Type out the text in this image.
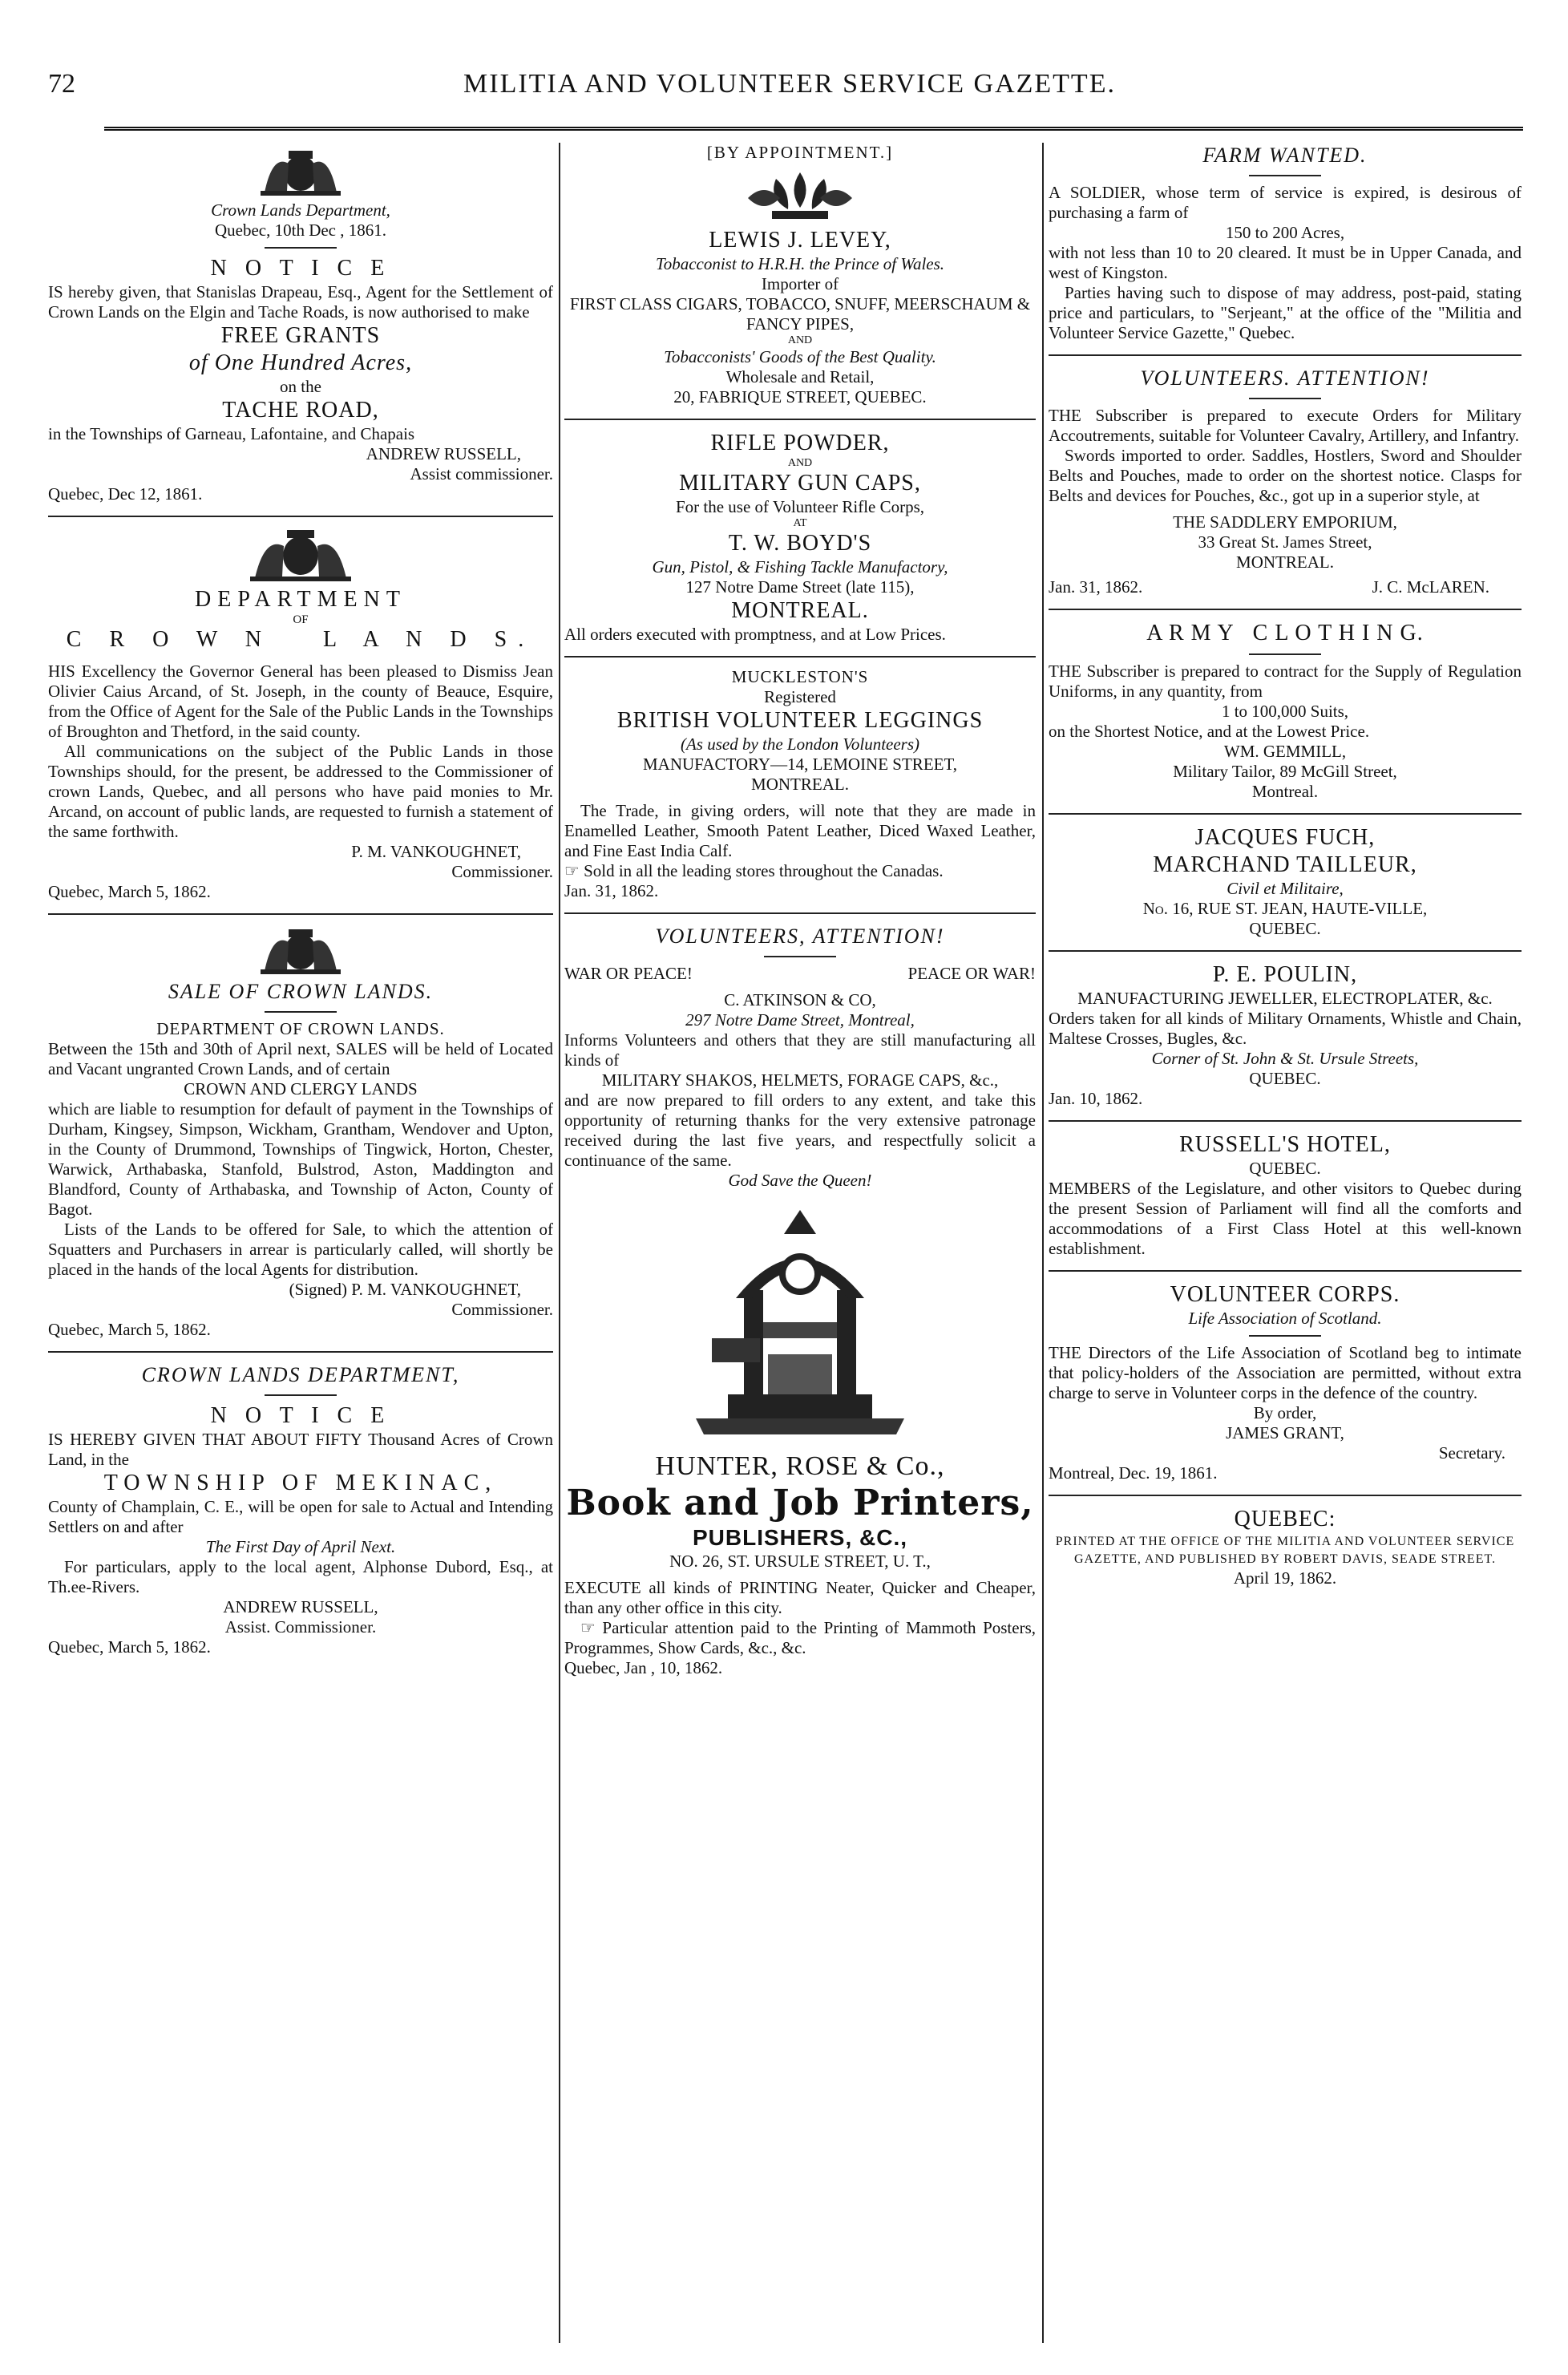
72	MILITIA AND VOLUNTEER SERVICE GAZETTE.
Crown Lands Department,
Quebec, 10th Dec , 1861.
N O T I C E
IS hereby given, that Stanislas Drapeau, Esq., Agent for the Settlement of Crown Lands on the Elgin and Tache Roads, is now authorised to make
FREE GRANTS
of One Hundred Acres,
on the
TACHE ROAD,
in the Townships of Garneau, Lafontaine, and Chapais
ANDREW RUSSELL,
Assist commissioner.
Quebec, Dec 12, 1861.
DEPARTMENT
OF
C R O W N   L A N D S.
HIS Excellency the Governor General has been pleased to Dismiss Jean Olivier Caius Arcand, of St. Joseph, in the county of Beauce, Esquire, from the Office of Agent for the Sale of the Public Lands in the Townships of Broughton and Thetford, in the said county.
All communications on the subject of the Public Lands in those Townships should, for the present, be addressed to the Commissioner of crown Lands, Quebec, and all persons who have paid monies to Mr. Arcand, on account of public lands, are requested to furnish a statement of the same forthwith.
P. M. VANKOUGHNET,
Commissioner.
Quebec, March 5, 1862.
SALE OF CROWN LANDS.
DEPARTMENT OF CROWN LANDS.
Between the 15th and 30th of April next, SALES will be held of Located and Vacant ungranted Crown Lands, and of certain
CROWN AND CLERGY LANDS
which are liable to resumption for default of payment in the Townships of Durham, Kingsey, Simpson, Wickham, Grantham, Wendover and Upton, in the County of Drummond, Townships of Tingwick, Horton, Chester, Warwick, Arthabaska, Stanfold, Bulstrod, Aston, Maddington and Blandford, County of Arthabaska, and Township of Acton, County of Bagot.
Lists of the Lands to be offered for Sale, to which the attention of Squatters and Purchasers in arrear is particularly called, will shortly be placed in the hands of the local Agents for distribution.
(Signed) P. M. VANKOUGHNET,
Commissioner.
Quebec, March 5, 1862.
CROWN LANDS DEPARTMENT,
N O T I C E
IS HEREBY GIVEN THAT ABOUT FIFTY Thousand Acres of Crown Land, in the
TOWNSHIP OF MEKINAC,
County of Champlain, C. E., will be open for sale to Actual and Intending Settlers on and after
The First Day of April Next.
For particulars, apply to the local agent, Alphonse Dubord, Esq., at Th.ee-Rivers.
ANDREW RUSSELL,
Assist. Commissioner.
Quebec, March 5, 1862.
[BY APPOINTMENT.]
LEWIS J. LEVEY,
Tobacconist to H.R.H. the Prince of Wales.
Importer of
FIRST CLASS CIGARS, TOBACCO, SNUFF, MEERSCHAUM & FANCY PIPES,
AND
Tobacconists' Goods of the Best Quality.
Wholesale and Retail,
20, FABRIQUE STREET, QUEBEC.
RIFLE POWDER,
AND
MILITARY GUN CAPS,
For the use of Volunteer Rifle Corps,
AT
T. W. BOYD'S
Gun, Pistol, & Fishing Tackle Manufactory,
127 Notre Dame Street (late 115),
MONTREAL.
All orders executed with promptness, and at Low Prices.
MUCKLESTON'S
Registered
BRITISH VOLUNTEER LEGGINGS
(As used by the London Volunteers)
MANUFACTORY—14, LEMOINE STREET,
MONTREAL.
The Trade, in giving orders, will note that they are made in Enamelled Leather, Smooth Patent Leather, Diced Waxed Leather, and Fine East India Calf.
☞ Sold in all the leading stores throughout the Canadas.
Jan. 31, 1862.
VOLUNTEERS, ATTENTION!
WAR OR PEACE!	PEACE OR WAR!
C. ATKINSON & CO,
297 Notre Dame Street, Montreal,
Informs Volunteers and others that they are still manufacturing all kinds of
MILITARY SHAKOS, HELMETS, FORAGE CAPS, &c.,
and are now prepared to fill orders to any extent, and take this opportunity of returning thanks for the very extensive patronage received during the last five years, and respectfully solicit a continuance of the same.
God Save the Queen!
HUNTER, ROSE & Co.,
Book and Job Printers,
PUBLISHERS, &C.,
NO. 26, ST. URSULE STREET, U. T.,
EXECUTE all kinds of PRINTING Neater, Quicker and Cheaper, than any other office in this city.
☞ Particular attention paid to the Printing of Mammoth Posters, Programmes, Show Cards, &c., &c.
Quebec, Jan , 10, 1862.
FARM WANTED.
A SOLDIER, whose term of service is expired, is desirous of purchasing a farm of
150 to 200 Acres,
with not less than 10 to 20 cleared. It must be in Upper Canada, and west of Kingston.
Parties having such to dispose of may address, post-paid, stating price and particulars, to "Serjeant," at the office of the "Militia and Volunteer Service Gazette," Quebec.
VOLUNTEERS. ATTENTION!
THE Subscriber is prepared to execute Orders for Military Accoutrements, suitable for Volunteer Cavalry, Artillery, and Infantry.
Swords imported to order. Saddles, Hostlers, Sword and Shoulder Belts and Pouches, made to order on the shortest notice. Clasps for Belts and devices for Pouches, &c., got up in a superior style, at
THE SADDLERY EMPORIUM,
33 Great St. James Street,
MONTREAL.
Jan. 31, 1862.	J. C. McLAREN.
A R M Y   C L O T H I N G.
THE Subscriber is prepared to contract for the Supply of Regulation Uniforms, in any quantity, from
1 to 100,000 Suits,
on the Shortest Notice, and at the Lowest Price.
WM. GEMMILL,
Military Tailor, 89 McGill Street,
Montreal.
JACQUES FUCH,
MARCHAND TAILLEUR,
Civil et Militaire,
No. 16, RUE ST. JEAN, HAUTE-VILLE,
QUEBEC.
P. E. POULIN,
MANUFACTURING JEWELLER, ELECTROPLATER, &c.
Orders taken for all kinds of Military Ornaments, Whistle and Chain, Maltese Crosses, Bugles, &c.
Corner of St. John & St. Ursule Streets,
QUEBEC.
Jan. 10, 1862.
RUSSELL'S HOTEL,
QUEBEC.
MEMBERS of the Legislature, and other visitors to Quebec during the present Session of Parliament will find all the comforts and accommodations of a First Class Hotel at this well-known establishment.
VOLUNTEER CORPS.
Life Association of Scotland.
THE Directors of the Life Association of Scotland beg to intimate that policy-holders of the Association are permitted, without extra charge to serve in Volunteer corps in the defence of the country.
By order,
JAMES GRANT,
Secretary.
Montreal, Dec. 19, 1861.
QUEBEC:
PRINTED AT THE OFFICE OF THE MILITIA AND VOLUNTEER SERVICE GAZETTE, AND PUBLISHED BY ROBERT DAVIS, SEADE STREET.
April 19, 1862.
